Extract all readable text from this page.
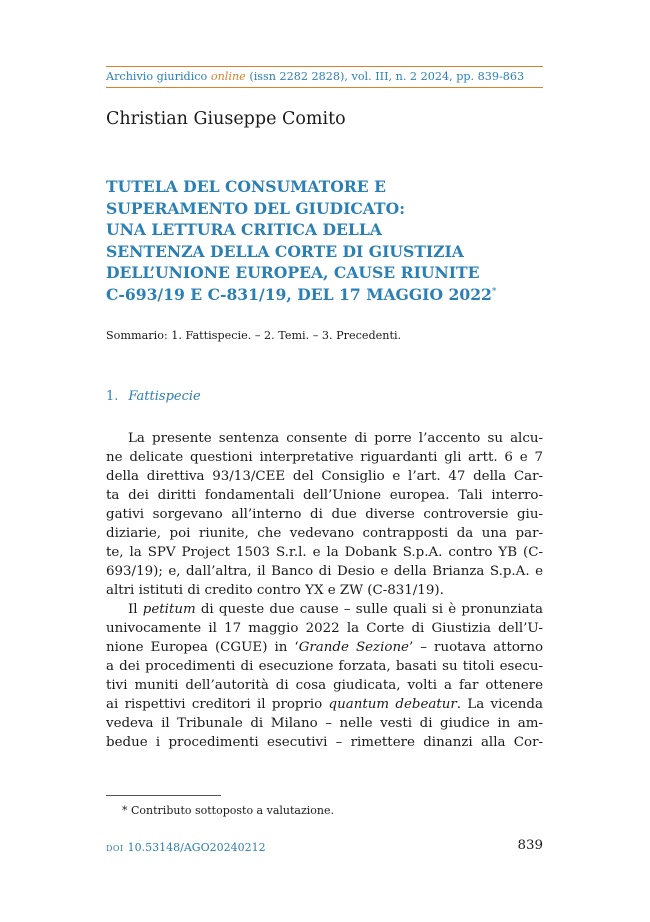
Archivio giuridico online (issn 2282 2828), vol. III, n. 2 2024, pp. 839-863
Christian Giuseppe Comito
TUTELA DEL CONSUMATORE E
SUPERAMENTO DEL GIUDICATO:
UNA LETTURA CRITICA DELLA
SENTENZA DELLA CORTE DI GIUSTIZIA
DELL’UNIONE EUROPEA, CAUSE RIUNITE
C-693/19 E C-831/19, DEL 17 MAGGIO 2022*
Sommario: 1. Fattispecie. – 2. Temi. – 3. Precedenti.
1. Fattispecie
La presente sentenza consente di porre l’accento su alcu-
ne delicate questioni interpretative riguardanti gli artt. 6 e 7
della direttiva 93/13/CEE del Consiglio e l’art. 47 della Car-
ta dei diritti fondamentali dell’Unione europea. Tali interro-
gativi sorgevano all’interno di due diverse controversie giu-
diziarie, poi riunite, che vedevano contrapposti da una par-
te, la SPV Project 1503 S.r.l. e la Dobank S.p.A. contro YB (C-
693/19); e, dall’altra, il Banco di Desio e della Brianza S.p.A. e
altri istituti di credito contro YX e ZW (C-831/19).
Il petitum di queste due cause – sulle quali si è pronunziata
univocamente il 17 maggio 2022 la Corte di Giustizia dell’U-
nione Europea (CGUE) in ‘Grande Sezione’ – ruotava attorno
a dei procedimenti di esecuzione forzata, basati su titoli esecu-
tivi muniti dell’autorità di cosa giudicata, volti a far ottenere
ai rispettivi creditori il proprio quantum debeatur. La vicenda
vedeva il Tribunale di Milano – nelle vesti di giudice in am-
bedue i procedimenti esecutivi – rimettere dinanzi alla Cor-
* Contributo sottoposto a valutazione.
DOI 10.53148/AGO20240212	839
